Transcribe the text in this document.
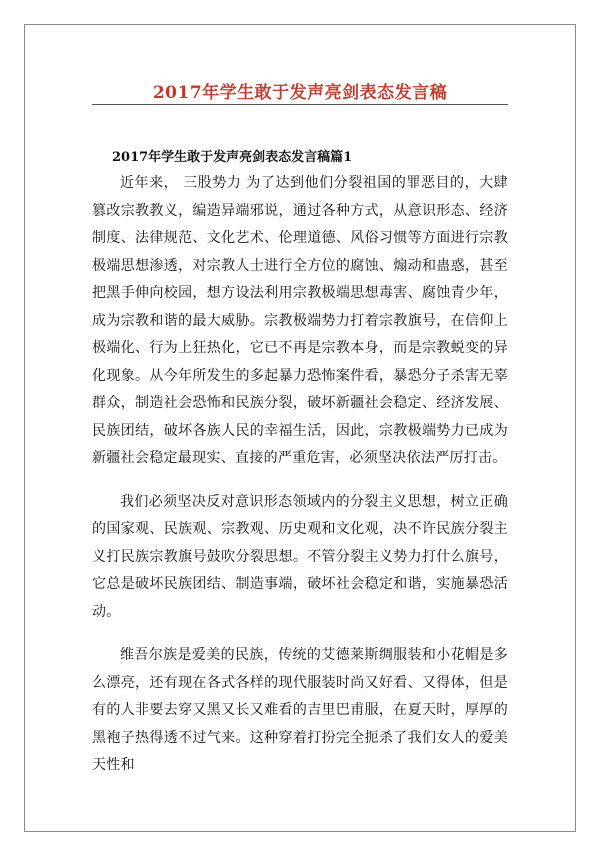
2017年学生敢于发声亮剑表态发言稿
2017年学生敢于发声亮剑表态发言稿篇1

近年来， 三股势力 为了达到他们分裂祖国的罪恶目的，大肆篡改宗教教义，编造异端邪说，通过各种方式，从意识形态、经济制度、法律规范、文化艺术、伦理道德、风俗习惯等方面进行宗教极端思想渗透，对宗教人士进行全方位的腐蚀、煽动和蛊惑，甚至把黑手伸向校园，想方设法利用宗教极端思想毒害、腐蚀青少年，成为宗教和谐的最大威胁。宗教极端势力打着宗教旗号，在信仰上极端化、行为上狂热化，它已不再是宗教本身，而是宗教蜕变的异化现象。从今年所发生的多起暴力恐怖案件看，暴恐分子杀害无辜群众，制造社会恐怖和民族分裂，破坏新疆社会稳定、经济发展、民族团结，破坏各族人民的幸福生活，因此，宗教极端势力已成为新疆社会稳定最现实、直接的严重危害，必须坚决依法严厉打击。

我们必须坚决反对意识形态领域内的分裂主义思想，树立正确的国家观、民族观、宗教观、历史观和文化观，决不许民族分裂主义打民族宗教旗号鼓吹分裂思想。不管分裂主义势力打什么旗号，它总是破坏民族团结、制造事端，破坏社会稳定和谐，实施暴恐活动。

维吾尔族是爱美的民族，传统的艾德莱斯绸服装和小花帽是多么漂亮，还有现在各式各样的现代服装时尚又好看、又得体，但是有的人非要去穿又黑又长又难看的吉里巴甫服，在夏天时，厚厚的黑袍子热得透不过气来。这种穿着打扮完全扼杀了我们女人的爱美天性和
